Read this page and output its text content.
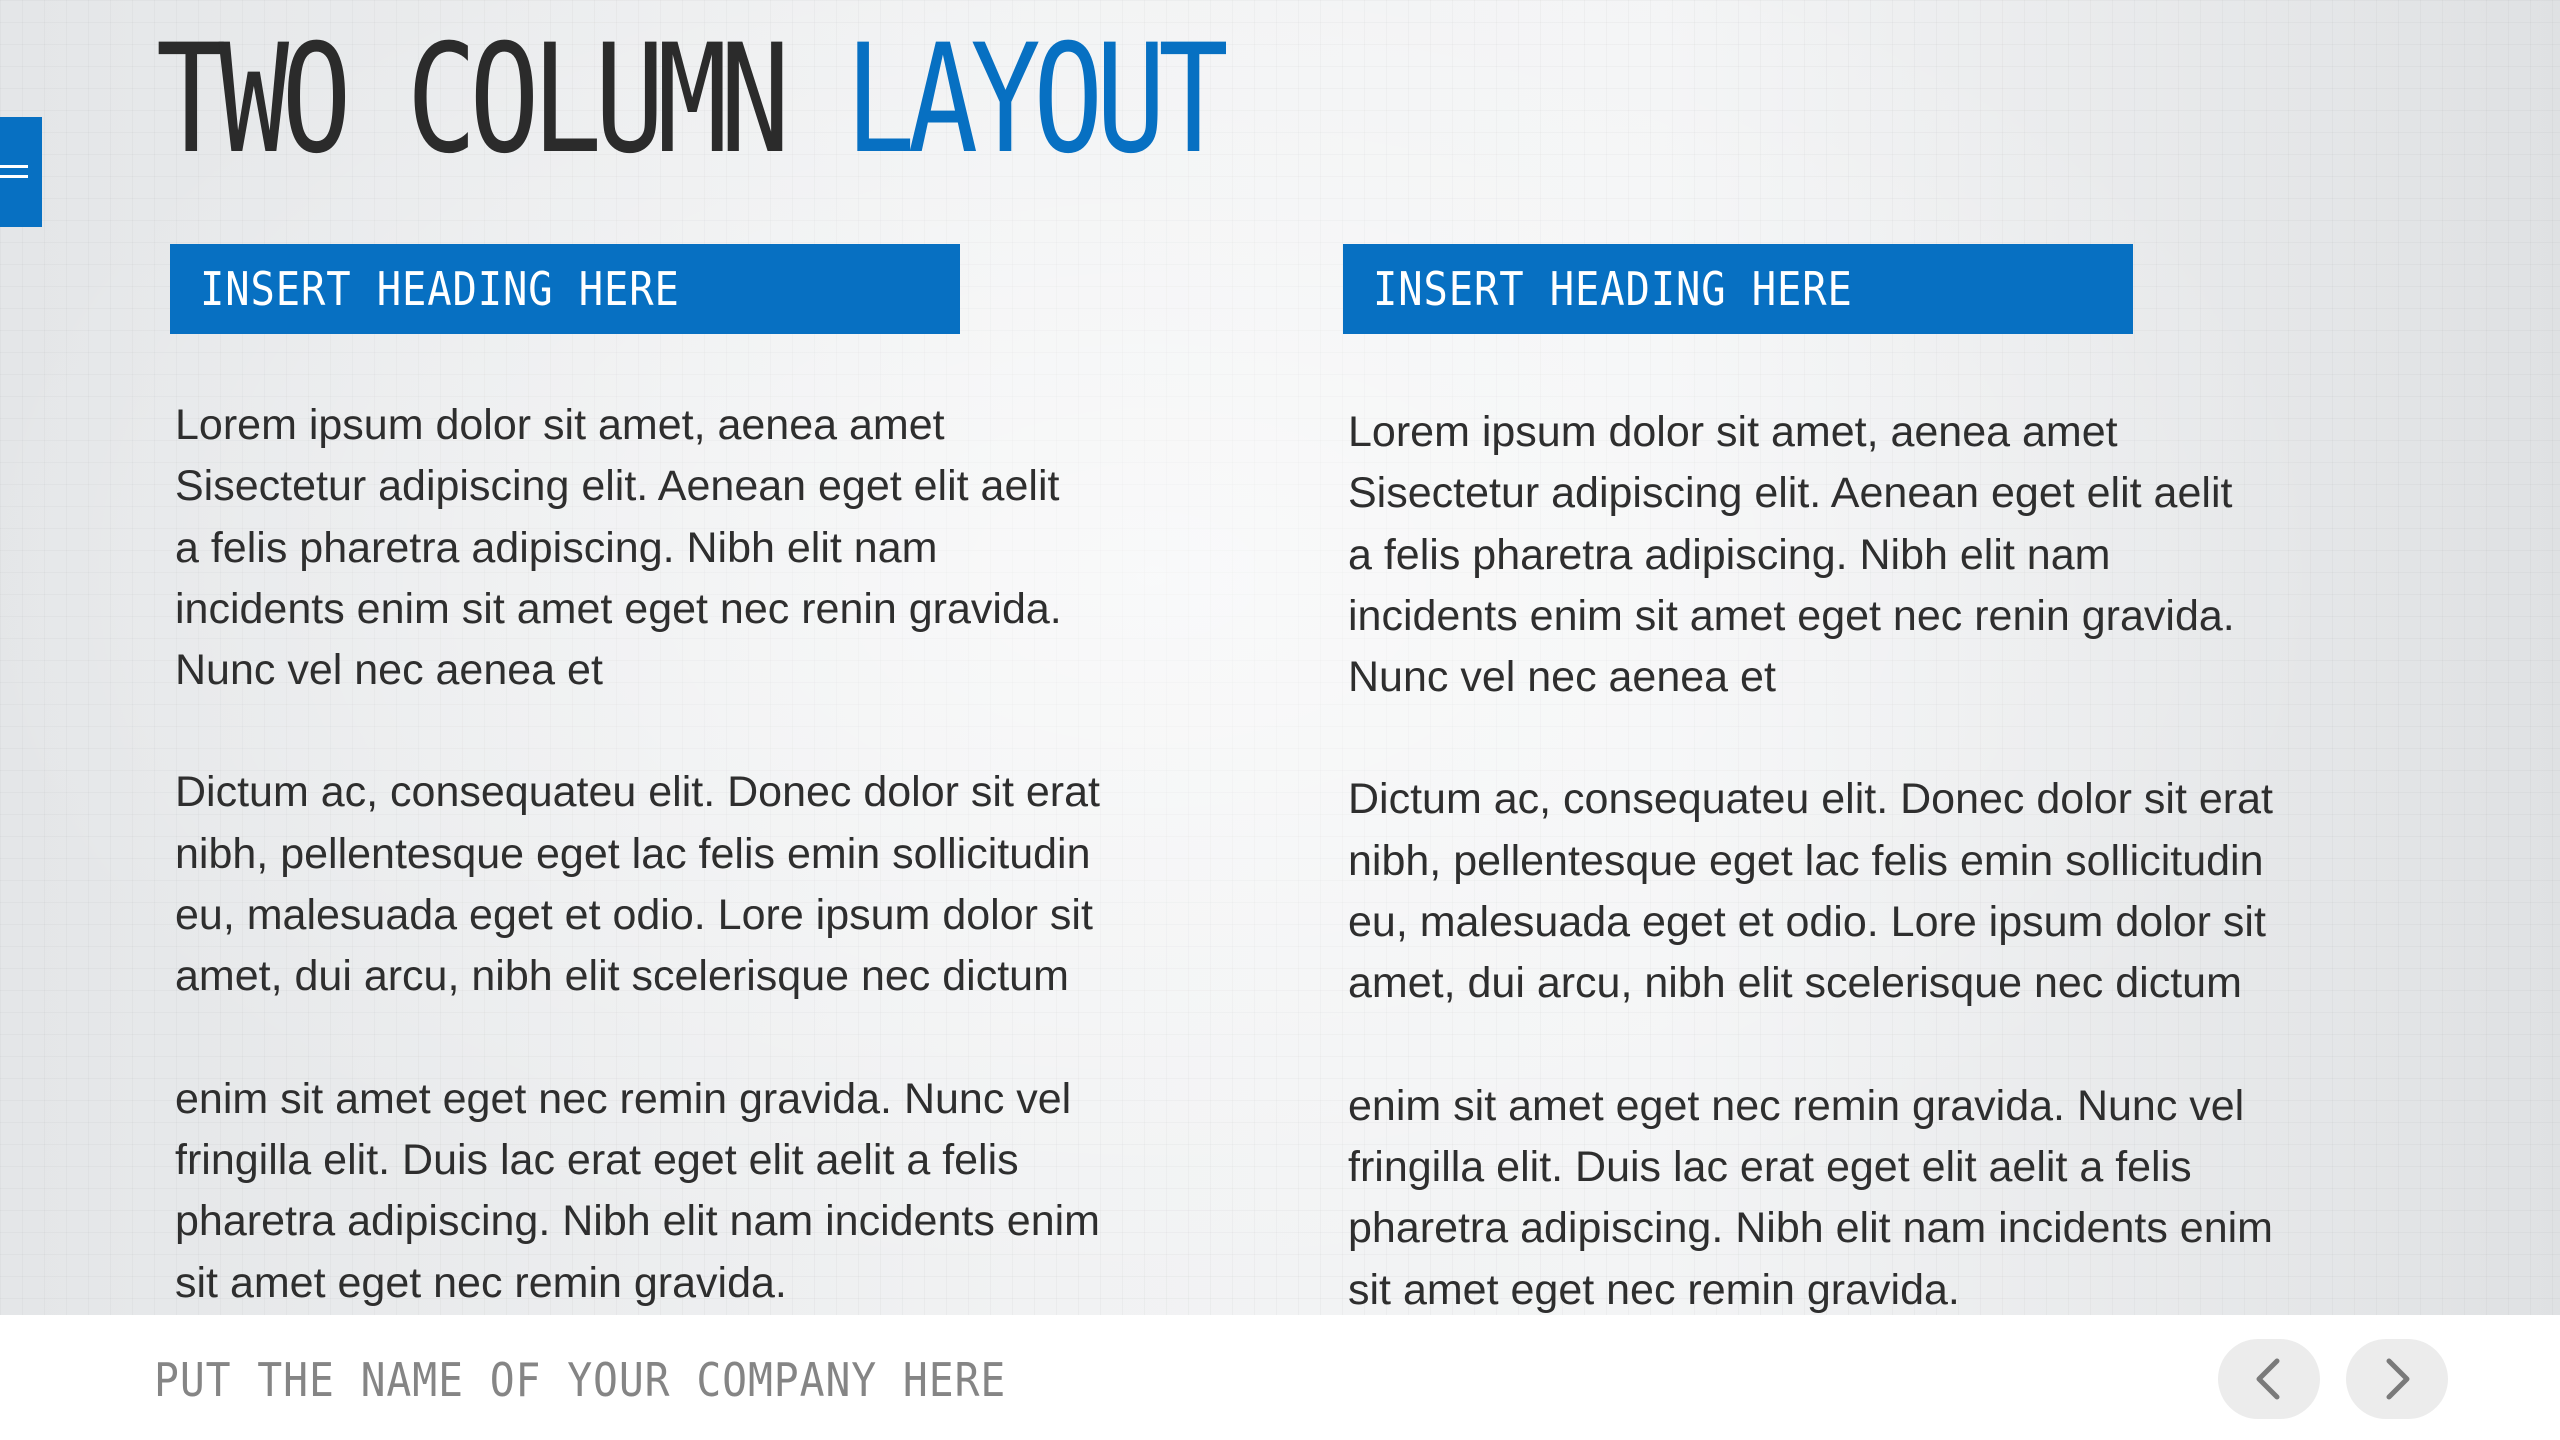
TWO COLUMN LAYOUT
INSERT HEADING HERE	INSERT HEADING HERE

Lorem ipsum dolor sit amet, aenea amet
Sisectetur adipiscing elit. Aenean eget elit aelit
a felis pharetra adipiscing. Nibh elit nam
incidents enim sit amet eget nec renin gravida.
Nunc vel nec aenea et

Dictum ac, consequateu elit. Donec dolor sit erat
nibh, pellentesque eget lac felis emin sollicitudin
eu, malesuada eget et odio. Lore ipsum dolor sit
amet, dui arcu, nibh elit scelerisque nec dictum

enim sit amet eget nec remin gravida. Nunc vel
fringilla elit. Duis lac erat eget elit aelit a felis
pharetra adipiscing. Nibh elit nam incidents enim
sit amet eget nec remin gravida.

Lorem ipsum dolor sit amet, aenea amet
Sisectetur adipiscing elit. Aenean eget elit aelit
a felis pharetra adipiscing. Nibh elit nam
incidents enim sit amet eget nec renin gravida.
Nunc vel nec aenea et

Dictum ac, consequateu elit. Donec dolor sit erat
nibh, pellentesque eget lac felis emin sollicitudin
eu, malesuada eget et odio. Lore ipsum dolor sit
amet, dui arcu, nibh elit scelerisque nec dictum

enim sit amet eget nec remin gravida. Nunc vel
fringilla elit. Duis lac erat eget elit aelit a felis
pharetra adipiscing. Nibh elit nam incidents enim
sit amet eget nec remin gravida.

PUT THE NAME OF YOUR COMPANY HERE
